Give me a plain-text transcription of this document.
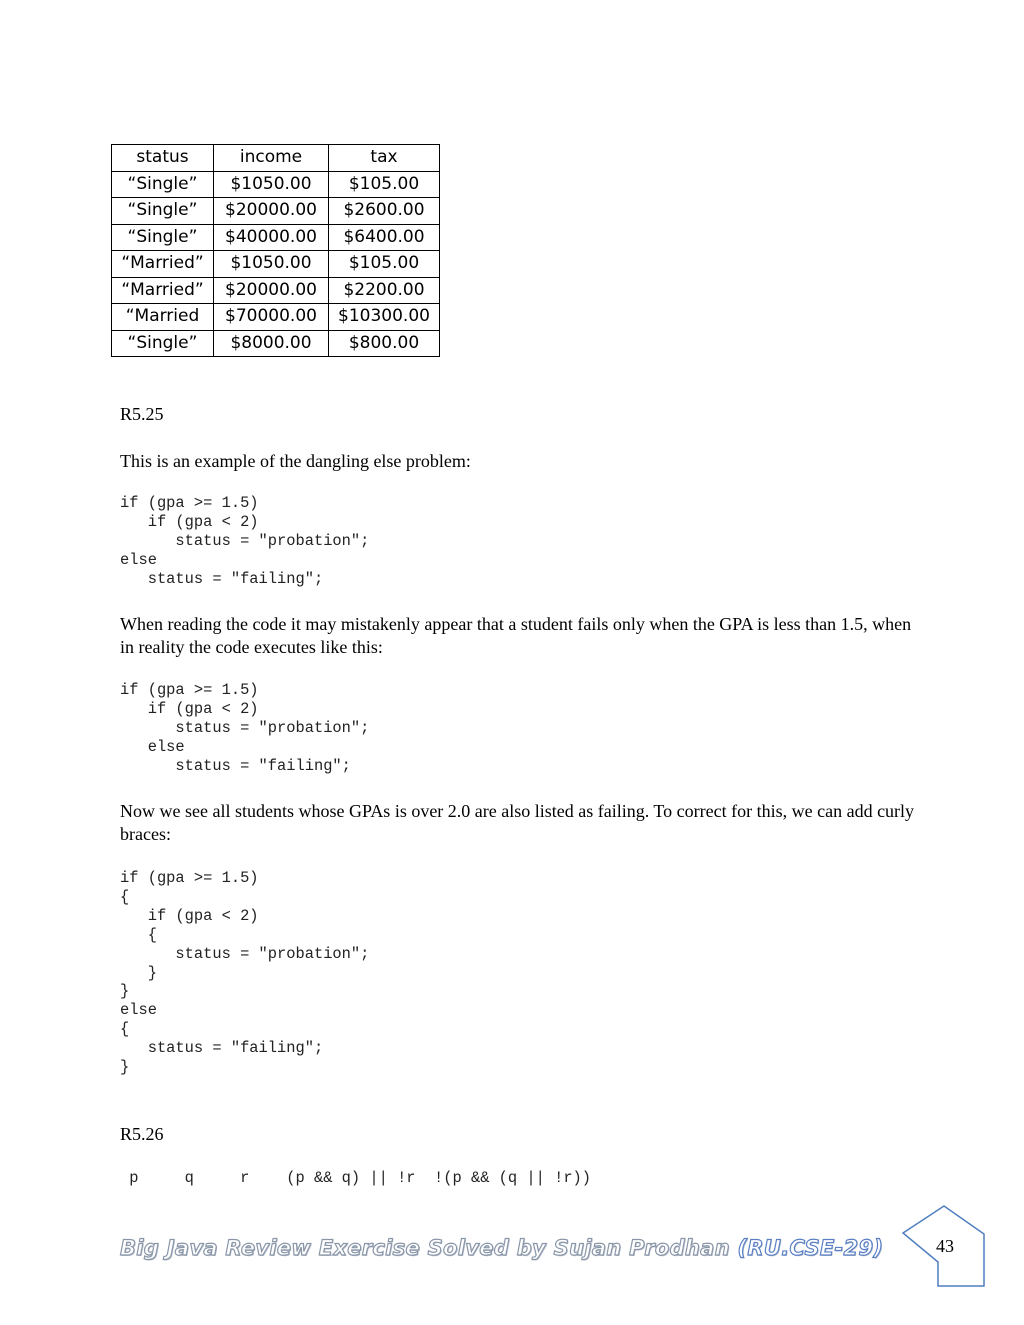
status	income	tax
“Single”	$1050.00	$105.00
“Single”	$20000.00	$2600.00
“Single”	$40000.00	$6400.00
“Married”	$1050.00	$105.00
“Married”	$20000.00	$2200.00
“Married	$70000.00	$10300.00
“Single”	$8000.00	$800.00
R5.25
This is an example of the dangling else problem:
if (gpa >= 1.5)
if (gpa < 2)
status = "probation";
else
status = "failing";
When reading the code it may mistakenly appear that a student fails only when the GPA is less than 1.5, when in reality the code executes like this:
if (gpa >= 1.5)
if (gpa < 2)
status = "probation";
else
status = "failing";
Now we see all students whose GPAs is over 2.0 are also listed as failing. To correct for this, we can add curly braces:
if (gpa >= 1.5)
{
if (gpa < 2)
{
status = "probation";
}
}
else
{
status = "failing";
}
R5.26
p     q     r    (p && q) || !r  !(p && (q || !r))
Big Java Review Exercise Solved by Sujan Prodhan (RU.CSE-29)	43
